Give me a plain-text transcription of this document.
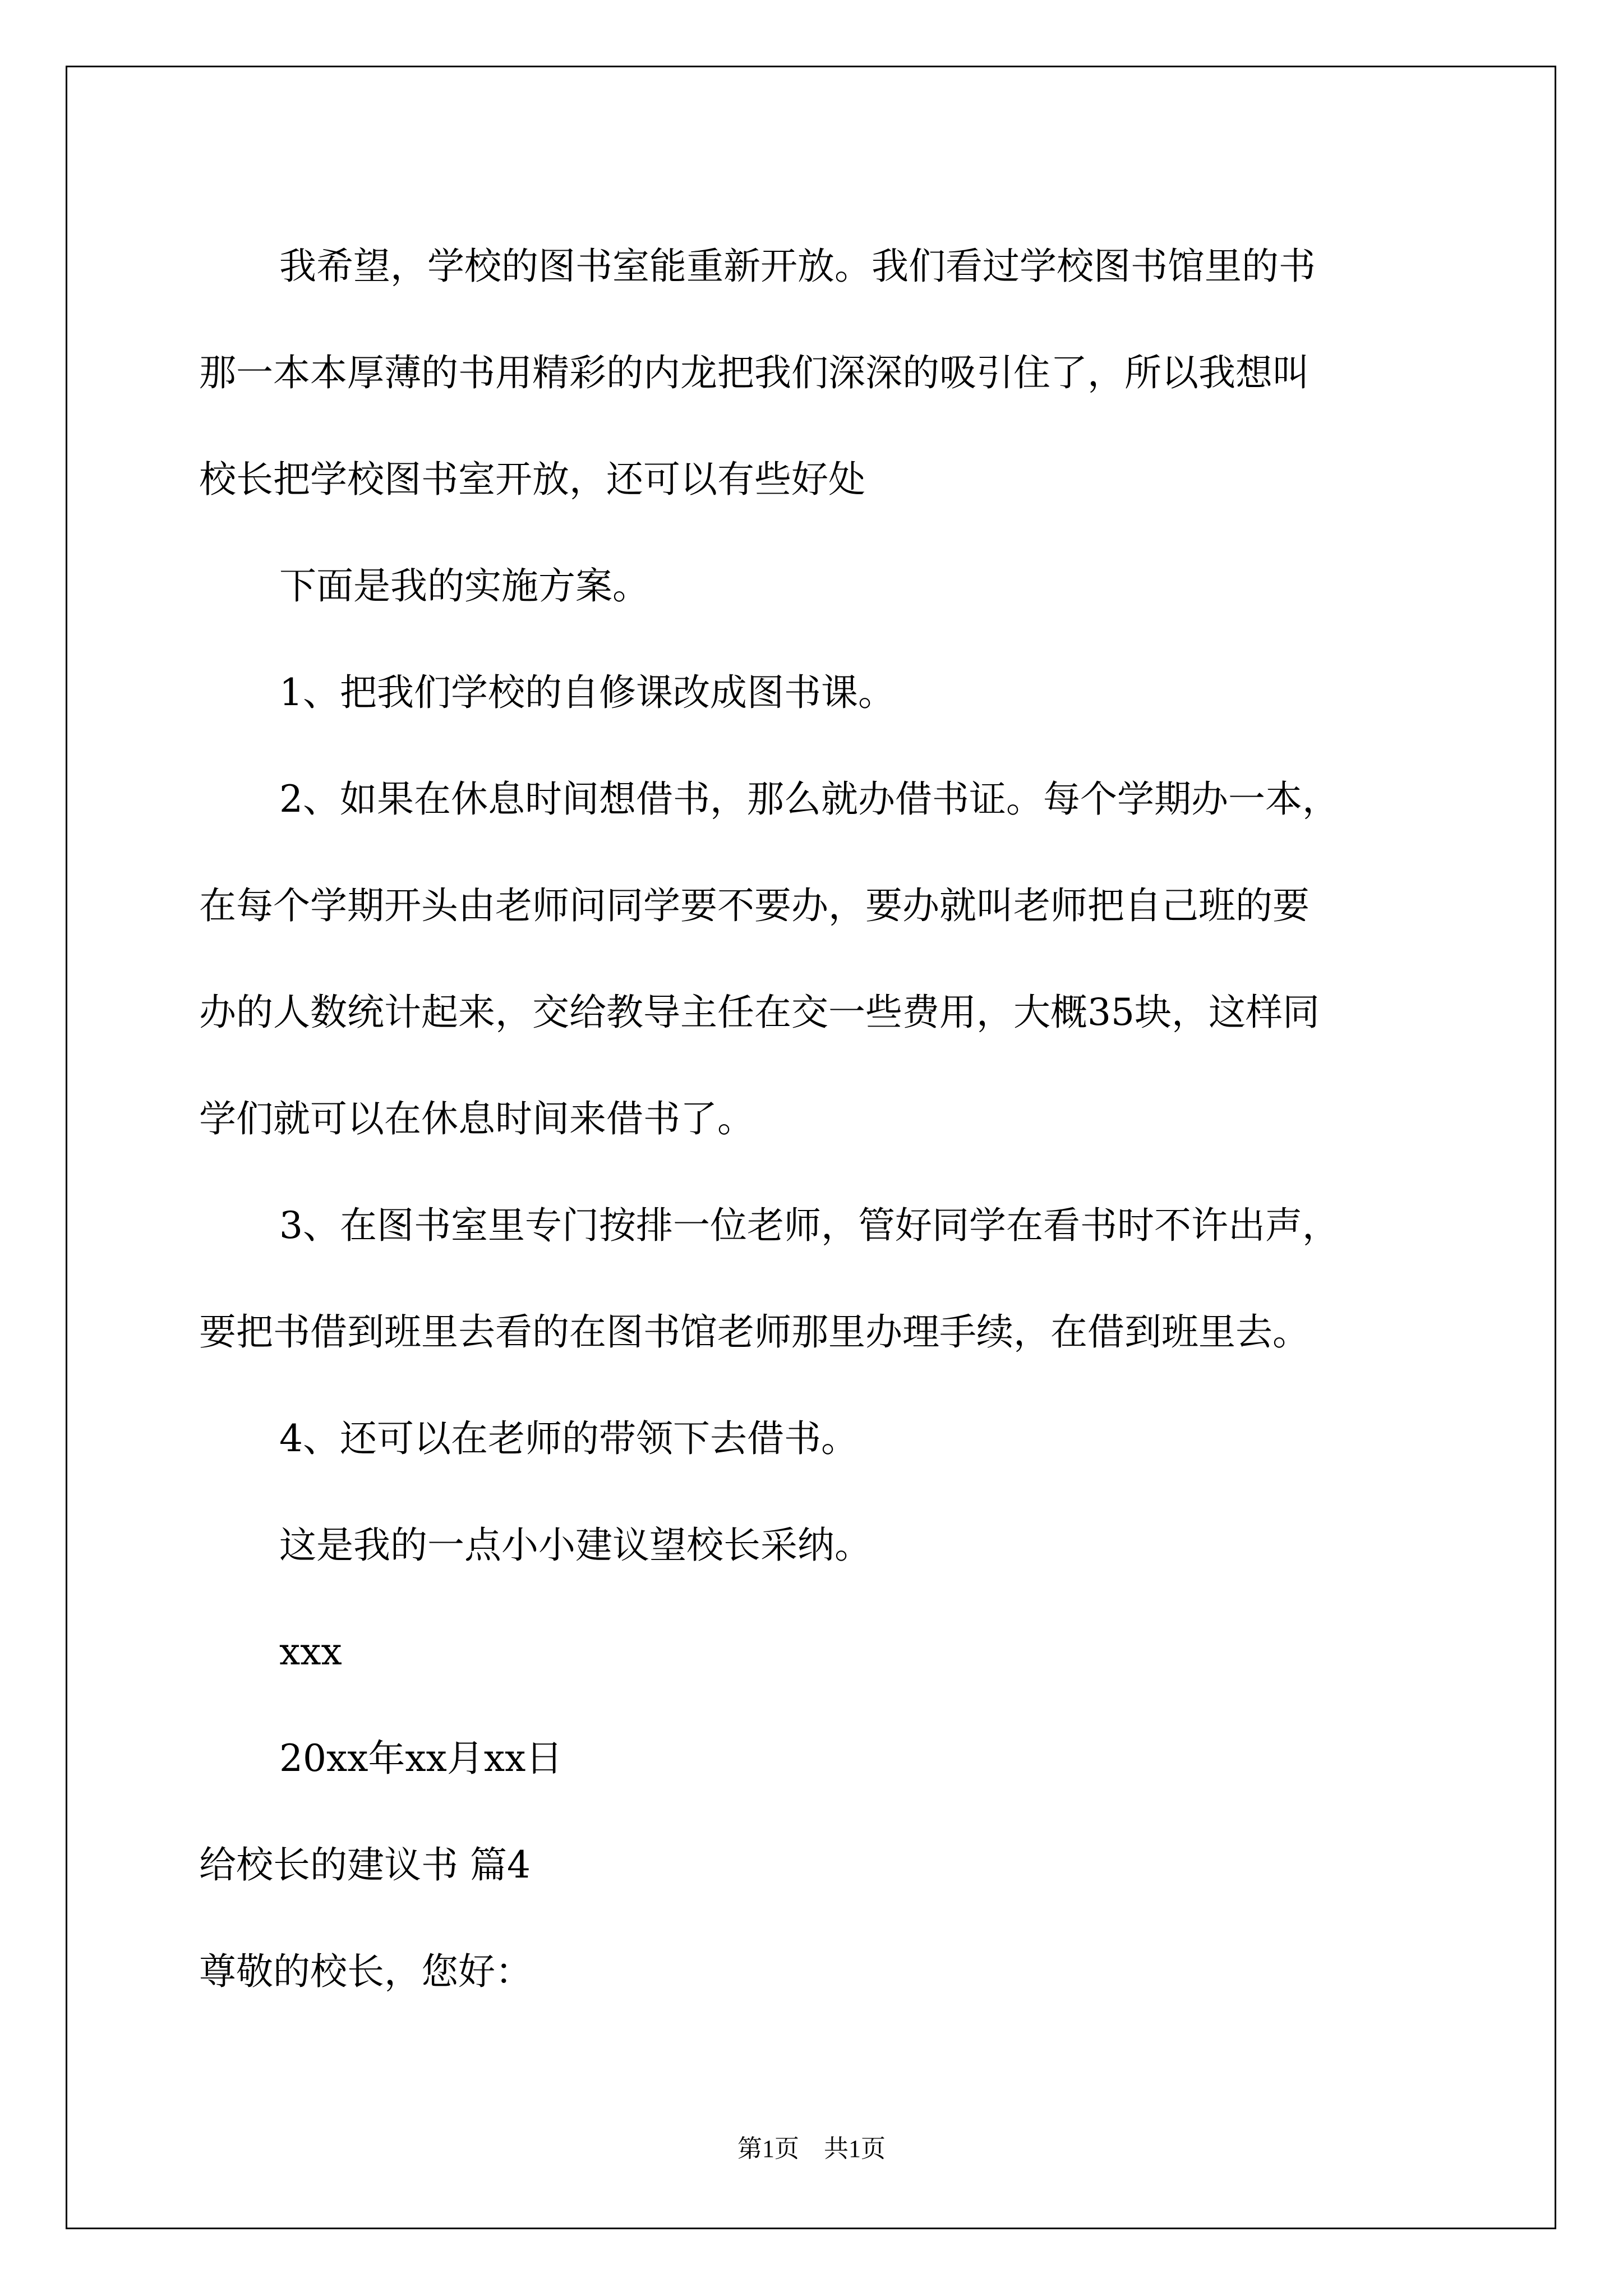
我希望，学校的图书室能重新开放。我们看过学校图书馆里的书

那一本本厚薄的书用精彩的内龙把我们深深的吸引住了，所以我想叫

校长把学校图书室开放，还可以有些好处

下面是我的实施方案。

1、把我们学校的自修课改成图书课。

2、如果在休息时间想借书，那么就办借书证。每个学期办一本，

在每个学期开头由老师问同学要不要办，要办就叫老师把自己班的要

办的人数统计起来，交给教导主任在交一些费用，大概35块，这样同

学们就可以在休息时间来借书了。

3、在图书室里专门按排一位老师，管好同学在看书时不许出声，

要把书借到班里去看的在图书馆老师那里办理手续，在借到班里去。

4、还可以在老师的带领下去借书。

这是我的一点小小建议望校长采纳。

xxx

20xx年xx月xx日

给校长的建议书 篇4

尊敬的校长，您好：

第1页　共1页
